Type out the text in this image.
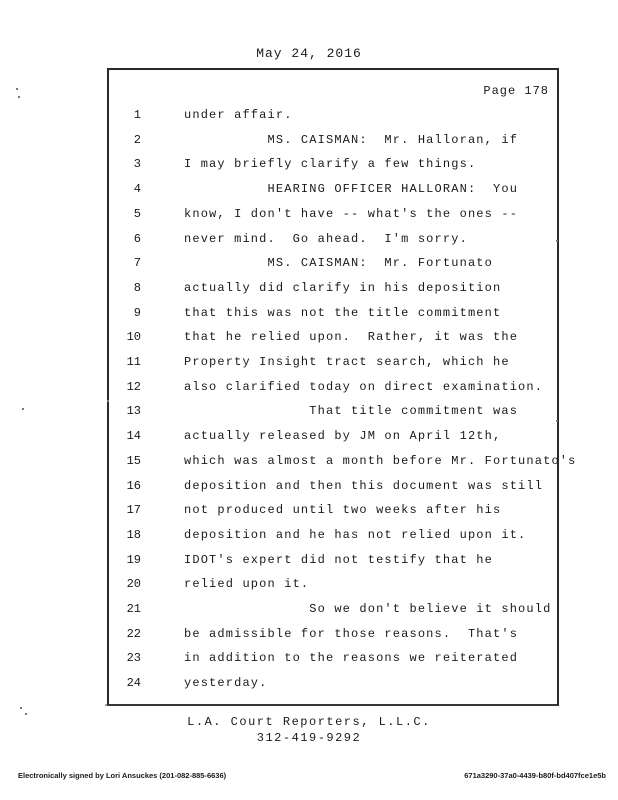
May 24, 2016
Page 178
1	under affair.
2	MS. CAISMAN:  Mr. Halloran, if
3	I may briefly clarify a few things.
4	HEARING OFFICER HALLORAN:  You
5	know, I don't have -- what's the ones --
6	never mind.  Go ahead.  I'm sorry.
7	MS. CAISMAN:  Mr. Fortunato
8	actually did clarify in his deposition
9	that this was not the title commitment
10	that he relied upon.  Rather, it was the
11	Property Insight tract search, which he
12	also clarified today on direct examination.
13	That title commitment was
14	actually released by JM on April 12th,
15	which was almost a month before Mr. Fortunato's
16	deposition and then this document was still
17	not produced until two weeks after his
18	deposition and he has not relied upon it.
19	IDOT's expert did not testify that he
20	relied upon it.
21	So we don't believe it should
22	be admissible for those reasons.  That's
23	in addition to the reasons we reiterated
24	yesterday.
L.A. Court Reporters, L.L.C.
312-419-9292
Electronically signed by Lori Ansuckes (201-082-885-6636)	671a3290-37a0-4439-b80f-bd407fce1e5b
